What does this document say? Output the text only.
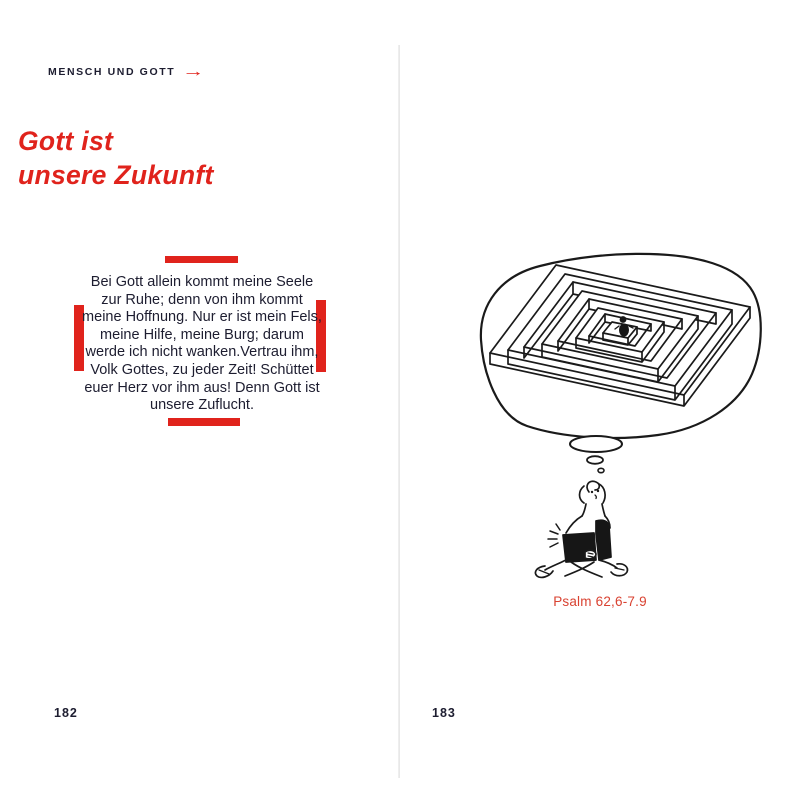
MENSCH UND GOTT →
Gott ist
unsere Zukunft
Bei Gott allein kommt meine Seele
zur Ruhe; denn von ihm kommt
meine Hoffnung. Nur er ist mein Fels,
meine Hilfe, meine Burg; darum
werde ich nicht wanken.Vertrau ihm,
Volk Gottes, zu jeder Zeit! Schüttet
euer Herz vor ihm aus! Denn Gott ist
unsere Zuflucht.
182
Psalm 62,6-7.9
183
